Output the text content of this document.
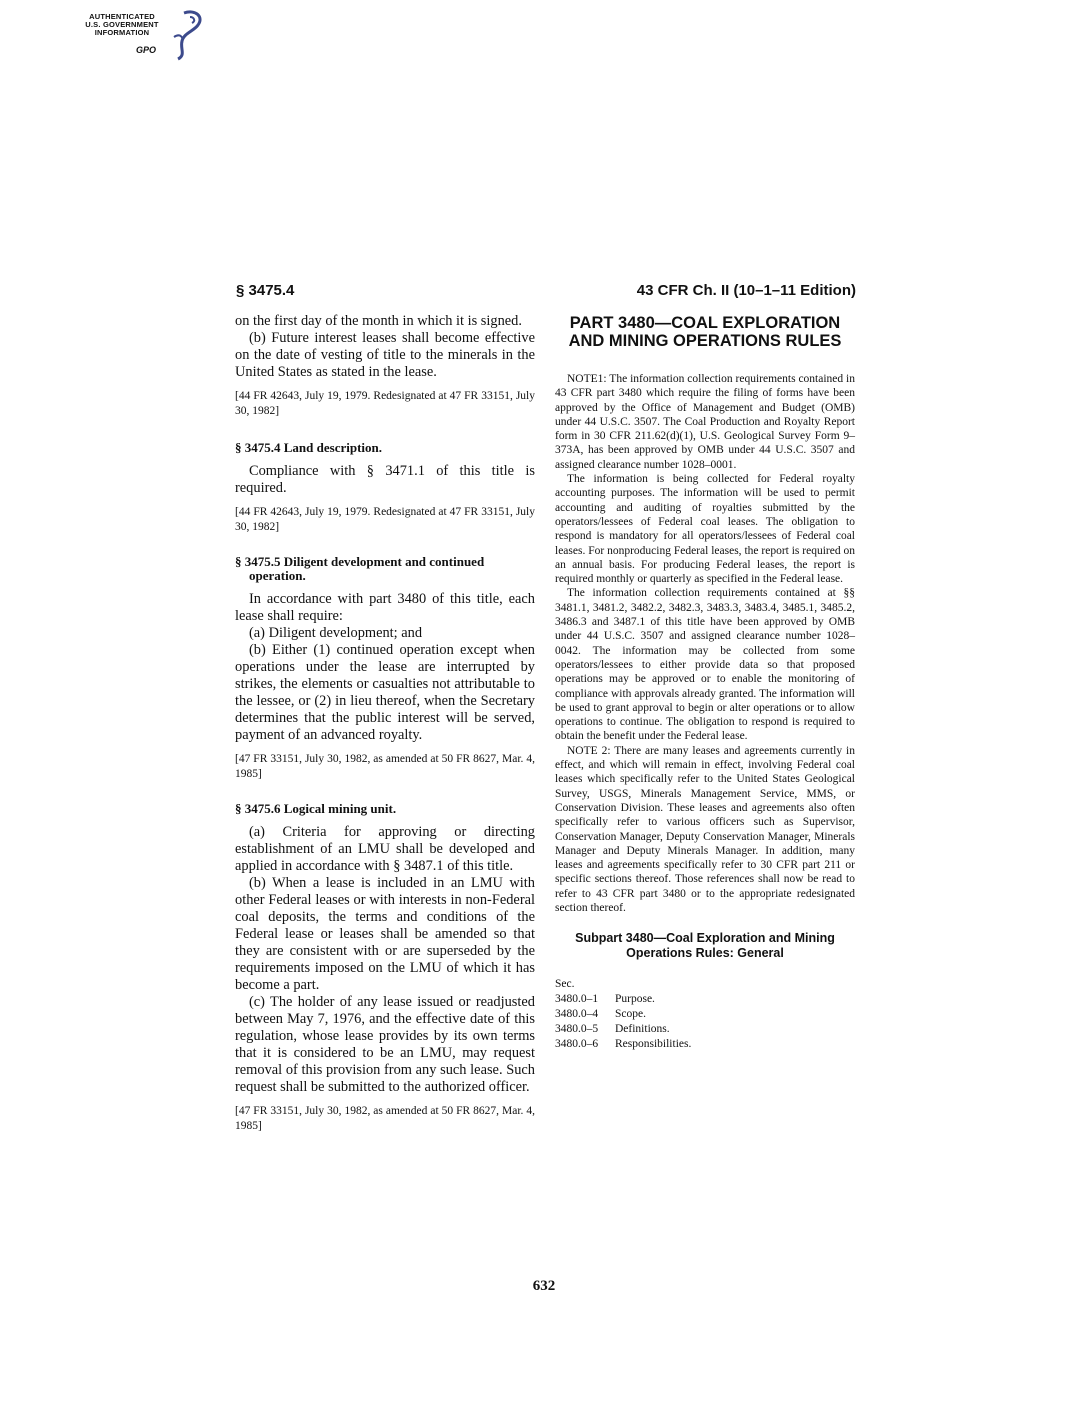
AUTHENTICATED
U.S. GOVERNMENT
INFORMATION
GPO
§ 3475.4	43 CFR Ch. II (10–1–11 Edition)

on the first day of the month in which it is signed.

(b) Future interest leases shall become effective on the date of vesting of title to the minerals in the United States as stated in the lease.

[44 FR 42643, July 19, 1979. Redesignated at 47 FR 33151, July 30, 1982]

§ 3475.4 Land description.

Compliance with § 3471.1 of this title is required.

[44 FR 42643, July 19, 1979. Redesignated at 47 FR 33151, July 30, 1982]

§ 3475.5 Diligent development and continued operation.

In accordance with part 3480 of this title, each lease shall require:

(a) Diligent development; and

(b) Either (1) continued operation except when operations under the lease are interrupted by strikes, the elements or casualties not attributable to the lessee, or (2) in lieu thereof, when the Secretary determines that the public interest will be served, payment of an advanced royalty.

[47 FR 33151, July 30, 1982, as amended at 50 FR 8627, Mar. 4, 1985]

§ 3475.6 Logical mining unit.

(a) Criteria for approving or directing establishment of an LMU shall be developed and applied in accordance with § 3487.1 of this title.

(b) When a lease is included in an LMU with other Federal leases or with interests in non-Federal coal deposits, the terms and conditions of the Federal lease or leases shall be amended so that they are consistent with or are superseded by the requirements imposed on the LMU of which it has become a part.

(c) The holder of any lease issued or readjusted between May 7, 1976, and the effective date of this regulation, whose lease provides by its own terms that it is considered to be an LMU, may request removal of this provision from any such lease. Such request shall be submitted to the authorized officer.

[47 FR 33151, July 30, 1982, as amended at 50 FR 8627, Mar. 4, 1985]

PART 3480—COAL EXPLORATION AND MINING OPERATIONS RULES

NOTE1: The information collection requirements contained in 43 CFR part 3480 which require the filing of forms have been approved by the Office of Management and Budget (OMB) under 44 U.S.C. 3507. The Coal Production and Royalty Report form in 30 CFR 211.62(d)(1), U.S. Geological Survey Form 9–373A, has been approved by OMB under 44 U.S.C. 3507 and assigned clearance number 1028–0001.

The information is being collected for Federal royalty accounting purposes. The information will be used to permit accounting and auditing of royalties submitted by the operators/lessees of Federal coal leases. The obligation to respond is mandatory for all operators/lessees of Federal coal leases. For nonproducing Federal leases, the report is required on an annual basis. For producing Federal leases, the report is required monthly or quarterly as specified in the Federal lease.

The information collection requirements contained at §§ 3481.1, 3481.2, 3482.2, 3482.3, 3483.3, 3483.4, 3485.1, 3485.2, 3486.3 and 3487.1 of this title have been approved by OMB under 44 U.S.C. 3507 and assigned clearance number 1028–0042. The information may be collected from some operators/lessees to either provide data so that proposed operations may be approved or to enable the monitoring of compliance with approvals already granted. The information will be used to grant approval to begin or alter operations or to allow operations to continue. The obligation to respond is required to obtain the benefit under the Federal lease.

NOTE 2: There are many leases and agreements currently in effect, and which will remain in effect, involving Federal coal leases which specifically refer to the United States Geological Survey, USGS, Minerals Management Service, MMS, or Conservation Division. These leases and agreements also often specifically refer to various officers such as Supervisor, Conservation Manager, Deputy Conservation Manager, Minerals Manager and Deputy Minerals Manager. In addition, many leases and agreements specifically refer to 30 CFR part 211 or specific sections thereof. Those references shall now be read to refer to 43 CFR part 3480 or to the appropriate redesignated section thereof.

Subpart 3480—Coal Exploration and Mining Operations Rules: General

Sec.

3480.0–1	Purpose.
3480.0–4	Scope.
3480.0–5	Definitions.
3480.0–6	Responsibilities.
632
